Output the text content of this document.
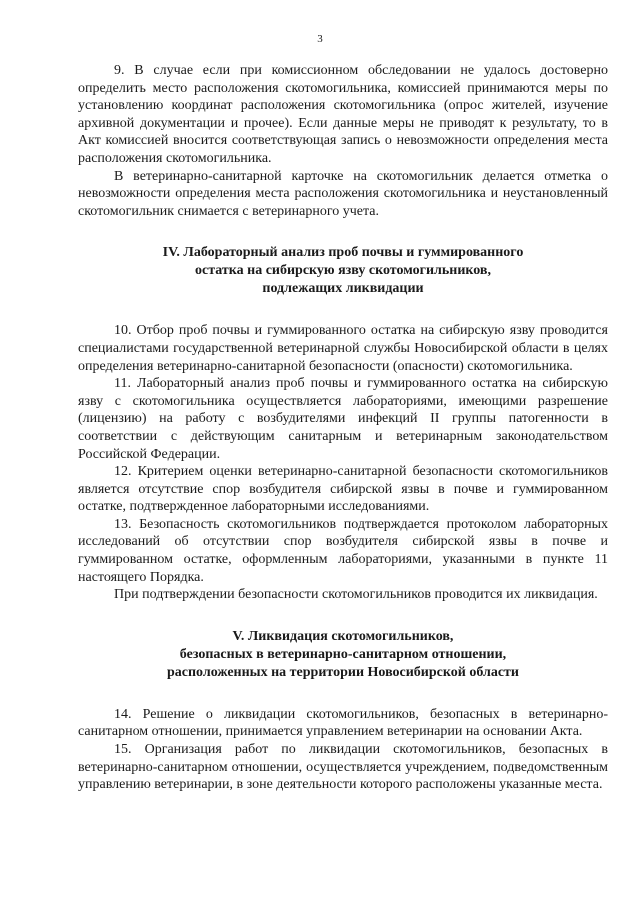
3

9. В случае если при комиссионном обследовании не удалось достоверно определить место расположения скотомогильника, комиссией принимаются меры по установлению координат расположения скотомогильника (опрос жителей, изучение архивной документации и прочее). Если данные меры не приводят к результату, то в Акт комиссией вносится соответствующая запись о невозможности определения места расположения скотомогильника.

В ветеринарно-санитарной карточке на скотомогильник делается отметка о невозможности определения места расположения скотомогильника и неустановленный скотомогильник снимается с ветеринарного учета.

IV. Лабораторный анализ проб почвы и гуммированного
остатка на сибирскую язву скотомогильников,
подлежащих ликвидации

10. Отбор проб почвы и гуммированного остатка на сибирскую язву проводится специалистами государственной ветеринарной службы Новосибирской области в целях определения ветеринарно-санитарной безопасности (опасности) скотомогильника.

11. Лабораторный анализ проб почвы и гуммированного остатка на сибирскую язву с скотомогильника осуществляется лабораториями, имеющими разрешение (лицензию) на работу с возбудителями инфекций II группы патогенности в соответствии с действующим санитарным и ветеринарным законодательством Российской Федерации.

12. Критерием оценки ветеринарно-санитарной безопасности скотомогильников является отсутствие спор возбудителя сибирской язвы в почве и гуммированном остатке, подтвержденное лабораторными исследованиями.

13. Безопасность скотомогильников подтверждается протоколом лабораторных исследований об отсутствии спор возбудителя сибирской язвы в почве и гуммированном остатке, оформленным лабораториями, указанными в пункте 11 настоящего Порядка.

При подтверждении безопасности скотомогильников проводится их ликвидация.

V. Ликвидация скотомогильников,
безопасных в ветеринарно-санитарном отношении,
расположенных на территории Новосибирской области

14. Решение о ликвидации скотомогильников, безопасных в ветеринарно-санитарном отношении, принимается управлением ветеринарии на основании Акта.

15. Организация работ по ликвидации скотомогильников, безопасных в ветеринарно-санитарном отношении, осуществляется учреждением, подведомственным управлению ветеринарии, в зоне деятельности которого расположены указанные места.
